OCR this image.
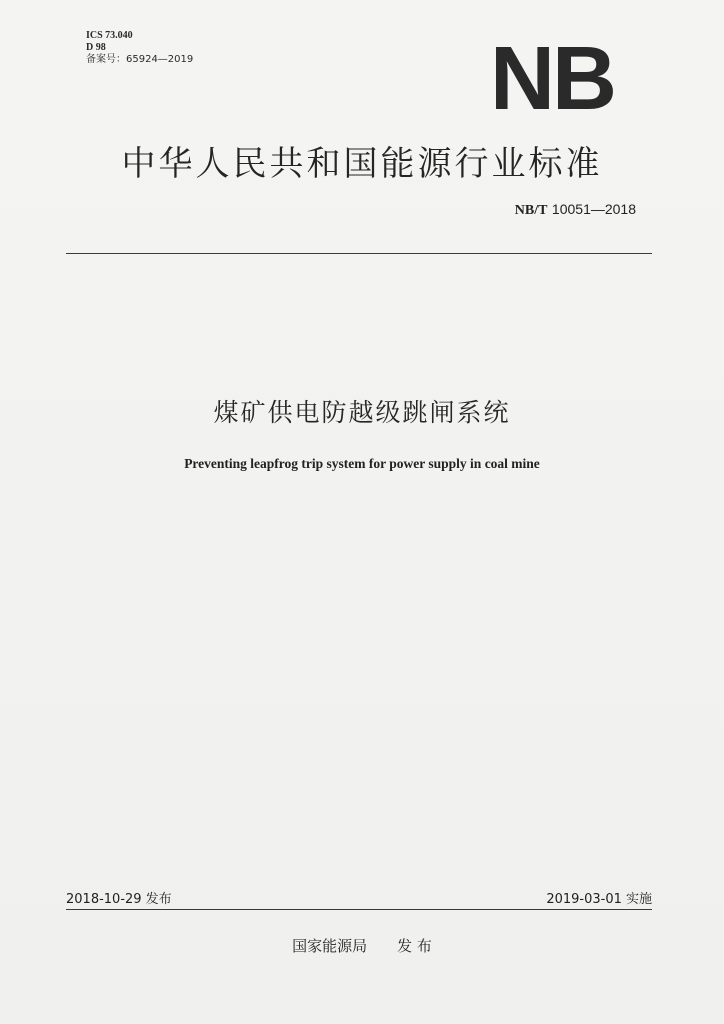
ICS 73.040
D 98
备案号：65924—2019	NB
中华人民共和国能源行业标准
NB/T 10051—2018
煤矿供电防越级跳闸系统
Preventing leapfrog trip system for power supply in coal mine
2018-10-29 发布	2019-03-01 实施
国家能源局 发 布
